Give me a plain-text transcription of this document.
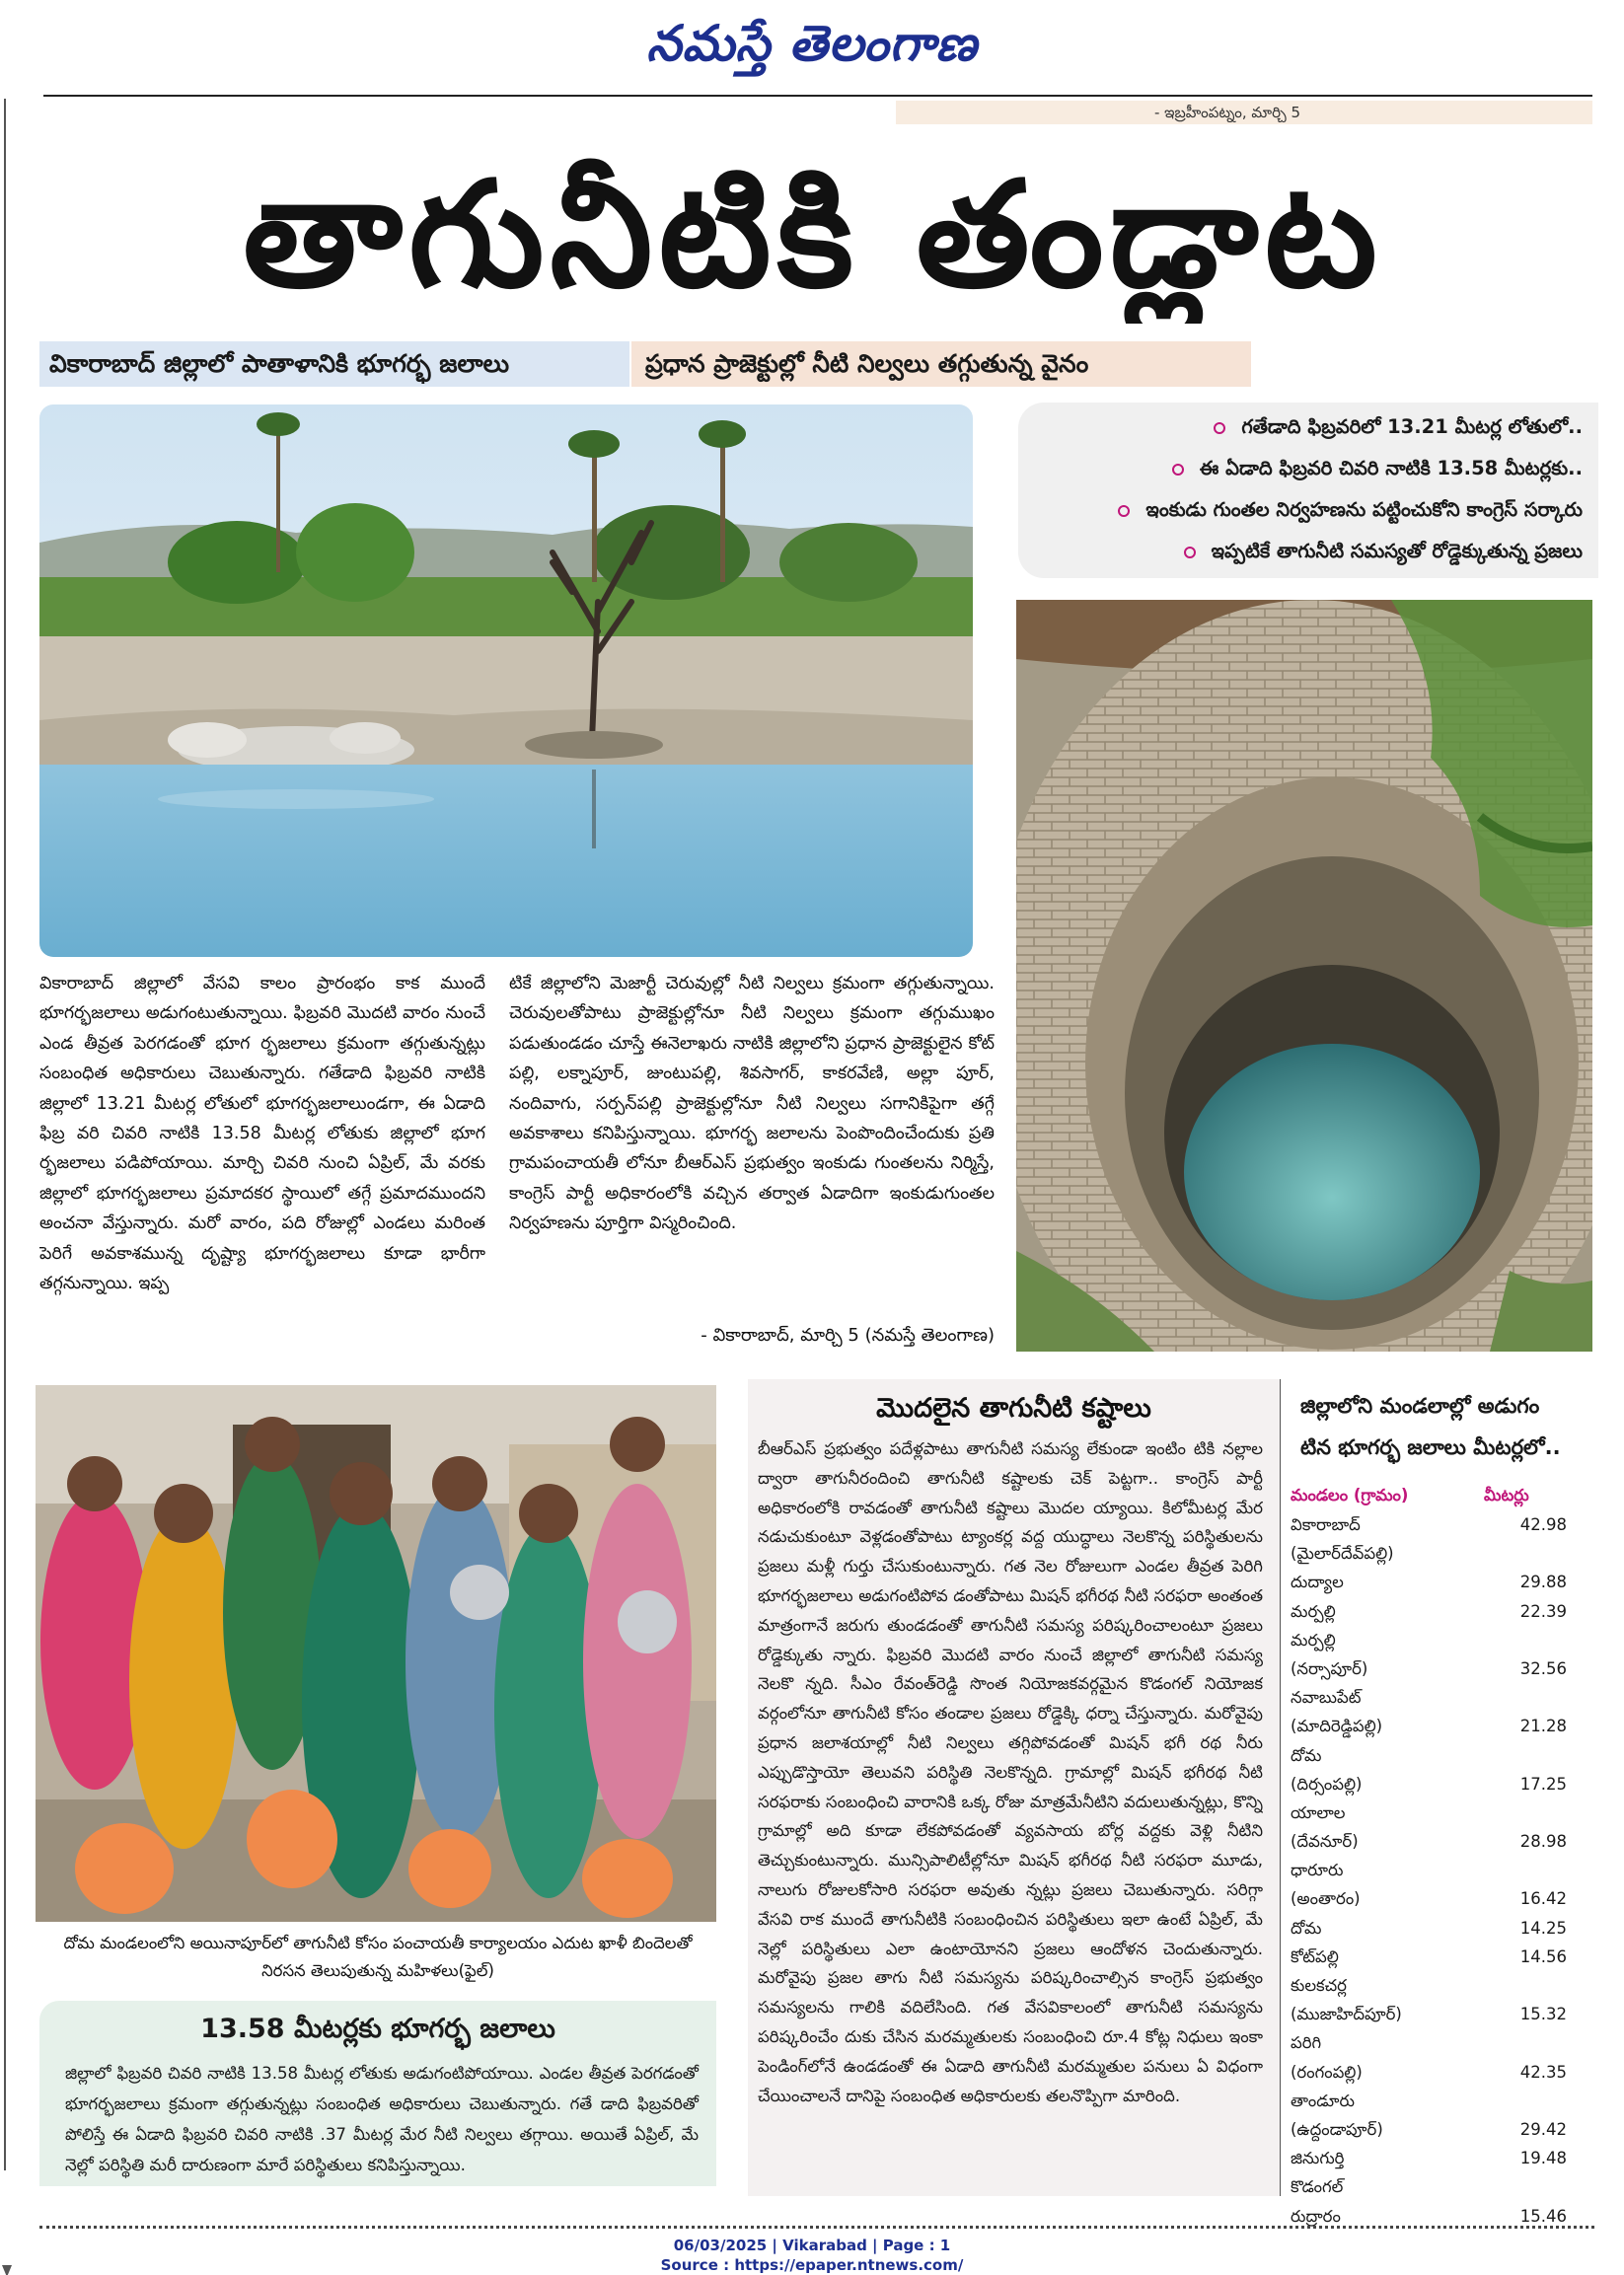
నమస్తే తెలంగాణ
- ఇబ్రహీంపట్నం, మార్చి 5
తాగునీటికి తండ్లాట
వికారాబాద్ జిల్లాలో పాతాళానికి భూగర్భ జలాలు	ప్రధాన ప్రాజెక్టుల్లో నీటి నిల్వలు తగ్గుతున్న వైనం
గతేడాది ఫిబ్రవరిలో 13.21 మీటర్ల లోతులో..
ఈ ఏడాది ఫిబ్రవరి చివరి నాటికి 13.58 మీటర్లకు..
ఇంకుడు గుంతల నిర్వహణను పట్టించుకోని కాంగ్రెస్ సర్కారు
ఇప్పటికే తాగునీటి సమస్యతో రోడ్డెక్కుతున్న ప్రజలు
వికారాబాద్ జిల్లాలో వేసవి కాలం ప్రారంభం కాక ముందే భూగర్భజలాలు అడుగంటుతున్నాయి. ఫిబ్రవరి మొదటి వారం నుంచే ఎండ తీవ్రత పెరగడంతో భూగ ర్భజలాలు క్రమంగా తగ్గుతున్నట్లు సంబంధిత అధికారులు చెబుతున్నారు. గతేడాది ఫిబ్రవరి నాటికి జిల్లాలో 13.21 మీటర్ల లోతులో భూగర్భజలాలుండగా, ఈ ఏడాది ఫిబ్ర వరి చివరి నాటికి 13.58 మీటర్ల లోతుకు జిల్లాలో భూగ ర్భజలాలు పడిపోయాయి. మార్చి చివరి నుంచి ఏప్రిల్, మే వరకు జిల్లాలో భూగర్భజలాలు ప్రమాదకర స్థాయిలో తగ్గే ప్రమాదముందని అంచనా వేస్తున్నారు. మరో వారం, పది రోజుల్లో ఎండలు మరింత పెరిగే అవకాశమున్న దృష్ట్యా భూగర్భజలాలు కూడా భారీగా తగ్గనున్నాయి. ఇప్ప
టికే జిల్లాలోని మెజార్టీ చెరువుల్లో నీటి నిల్వలు క్రమంగా తగ్గుతున్నాయి. చెరువులతోపాటు ప్రాజెక్టుల్లోనూ నీటి నిల్వలు క్రమంగా తగ్గుముఖం పడుతుండడం చూస్తే ఈనెలాఖరు నాటికి జిల్లాలోని ప్రధాన ప్రాజెక్టులైన కోట్‌ పల్లి, లక్నాపూర్, జుంటుపల్లి, శివసాగర్, కాకరవేణి, అల్లా పూర్, నందివాగు, సర్పన్‌పల్లి ప్రాజెక్టుల్లోనూ నీటి నిల్వలు సగానికిపైగా తగ్గే అవకాశాలు కనిపిస్తున్నాయి. భూగర్భ జలాలను పెంపొందించేందుకు ప్రతి గ్రామపంచాయతీ లోనూ బీఆర్‌ఎస్ ప్రభుత్వం ఇంకుడు గుంతలను నిర్మిస్తే, కాంగ్రెస్ పార్టీ అధికారంలోకి వచ్చిన తర్వాత ఏడాదిగా ఇంకుడుగుంతల నిర్వహణను పూర్తిగా విస్మరించింది.
- వికారాబాద్, మార్చి 5 (నమస్తే తెలంగాణ)
దోమ మండలంలోని అయినాపూర్‌లో తాగునీటి కోసం పంచాయతీ కార్యాలయం ఎదుట ఖాళీ బిందెలతో నిరసన తెలుపుతున్న మహిళలు(ఫైల్)
మొదలైన తాగునీటి కష్టాలు
బీఆర్‌ఎస్ ప్రభుత్వం పదేళ్లపాటు తాగునీటి సమస్య లేకుండా ఇంటిం టికి నల్లాల ద్వారా తాగునీరందించి తాగునీటి కష్టాలకు చెక్ పెట్టగా.. కాంగ్రెస్ పార్టీ అధికారంలోకి రావడంతో తాగునీటి కష్టాలు మొదల య్యాయి. కిలోమీటర్ల మేర నడుచుకుంటూ వెళ్లడంతోపాటు ట్యాంకర్ల వద్ద యుద్ధాలు నెలకొన్న పరిస్థితులను ప్రజలు మళ్లీ గుర్తు చేసుకుంటున్నారు. గత నెల రోజులుగా ఎండల తీవ్రత పెరిగి భూగర్భజలాలు అడుగంటిపోవ డంతోపాటు మిషన్ భగీరథ నీటి సరఫరా అంతంత మాత్రంగానే జరుగు తుండడంతో తాగునీటి సమస్య పరిష్కరించాలంటూ ప్రజలు రోడ్డెక్కుతు న్నారు. ఫిబ్రవరి మొదటి వారం నుంచే జిల్లాలో తాగునీటి సమస్య నెలకొ న్నది. సీఎం రేవంత్‌రెడ్డి సొంత నియోజకవర్గమైన కొడంగల్ నియోజక వర్గంలోనూ తాగునీటి కోసం తండాల ప్రజలు రోడ్డెక్కి ధర్నా చేస్తున్నారు. మరోవైపు ప్రధాన జలాశయాల్లో నీటి నిల్వలు తగ్గిపోవడంతో మిషన్ భగీ రథ నీరు ఎప్పుడొస్తాయో తెలువని పరిస్థితి నెలకొన్నది. గ్రామాల్లో మిషన్ భగీరథ నీటి సరఫరాకు సంబంధించి వారానికి ఒక్క రోజు మాత్రమేనీటిని వదులుతున్నట్లు, కొన్ని గ్రామాల్లో అది కూడా లేకపోవడంతో వ్యవసాయ బోర్ల వద్దకు వెళ్లి నీటిని తెచ్చుకుంటున్నారు. మున్సిపాలిటీల్లోనూ మిషన్ భగీరథ నీటి సరఫరా మూడు, నాలుగు రోజులకోసారి సరఫరా అవుతు న్నట్లు ప్రజలు చెబుతున్నారు. సరిగ్గా వేసవి రాక ముందే తాగునీటికి సంబంధించిన పరిస్థితులు ఇలా ఉంటే ఏప్రిల్, మే నెల్లో పరిస్థితులు ఎలా ఉంటాయోనని ప్రజలు ఆందోళన చెందుతున్నారు. మరోవైపు ప్రజల తాగు నీటి సమస్యను పరిష్కరించాల్సిన కాంగ్రెస్ ప్రభుత్వం సమస్యలను గాలికి వదిలేసింది. గత వేసవికాలంలో తాగునీటి సమస్యను పరిష్కరించేం దుకు చేసిన మరమ్మతులకు సంబంధించి రూ.4 కోట్ల నిధులు ఇంకా పెండింగ్‌లోనే ఉండడంతో ఈ ఏడాది తాగునీటి మరమ్మతుల పనులు ఏ విధంగా చేయించాలనే దానిపై సంబంధిత అధికారులకు తలనొప్పిగా మారింది.
13.58 మీటర్లకు భూగర్భ జలాలు
జిల్లాలో ఫిబ్రవరి చివరి నాటికి 13.58 మీటర్ల లోతుకు అడుగంటిపోయాయి. ఎండల తీవ్రత పెరగడంతో భూగర్భజలాలు క్రమంగా తగ్గుతున్నట్లు సంబంధిత అధికారులు చెబుతున్నారు. గతే డాది ఫిబ్రవరితో పోలిస్తే ఈ ఏడాది ఫిబ్రవరి చివరి నాటికి .37 మీటర్ల మేర నీటి నిల్వలు తగ్గాయి. అయితే ఏప్రిల్, మే నెల్లో పరిస్థితి మరీ దారుణంగా మారే పరిస్థితులు కనిపిస్తున్నాయి.
జిల్లాలోని మండలాల్లో అడుగం
టిన భూగర్భ జలాలు మీటర్లలో..
మండలం (గ్రామం)	మీటర్లు
వికారాబాద్	42.98
(మైలార్‌దేవ్‌పల్లి)
దుద్యాల	29.88
మర్పల్లి	22.39
మర్పల్లి
(నర్సాపూర్)	32.56
నవాబుపేట్
(మాదిరెడ్డిపల్లి)	21.28
దోమ
(దిర్సంపల్లి)	17.25
యాలాల
(దేవనూర్)	28.98
ధారూరు
(అంతారం)	16.42
దోమ	14.25
కోట్‌పల్లి	14.56
కులకచర్ల
(ముజాహిద్‌పూర్)	15.32
పరిగి
(రంగంపల్లి)	42.35
తాండూరు
(ఉద్దండాపూర్)	29.42
జినుగుర్తి	19.48
కొడంగల్
రుద్రారం	15.46
06/03/2025 | Vikarabad | Page : 1
Source : https://epaper.ntnews.com/
